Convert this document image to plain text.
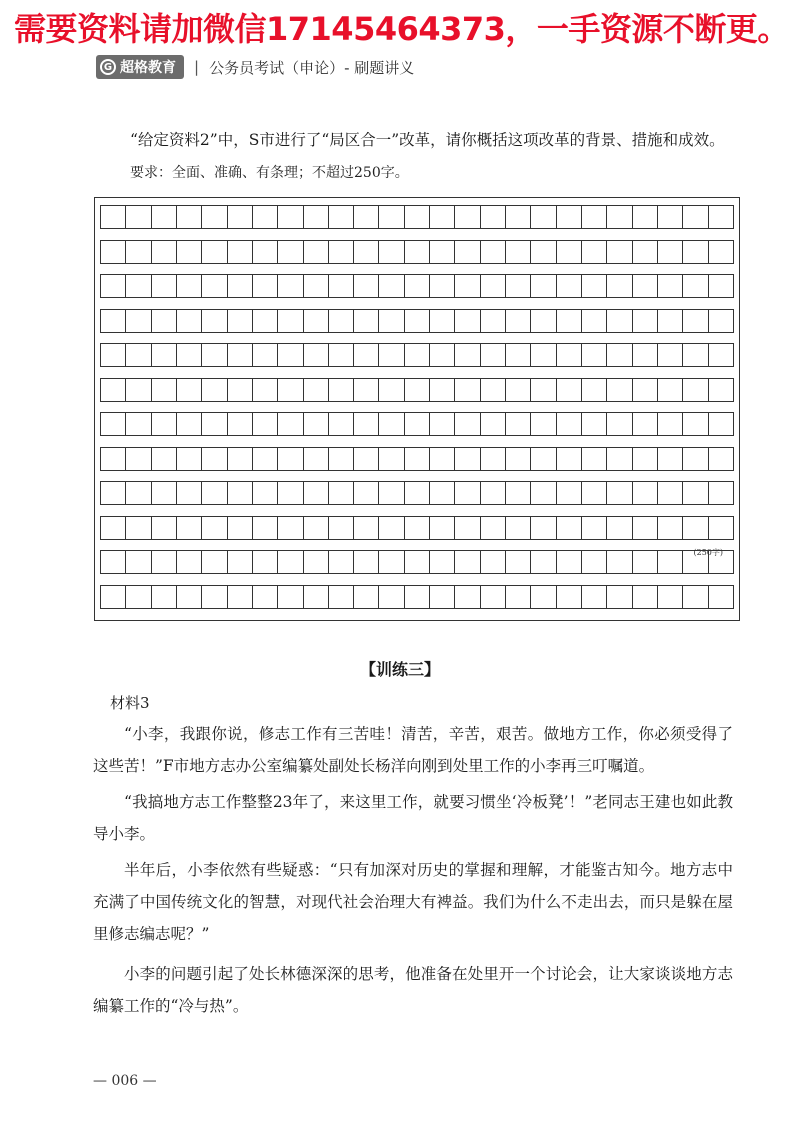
需要资料请加微信17145464373，一手资源不断更。
G 超格教育 | 公务员考试（申论）- 刷题讲义
“给定资料2”中，S市进行了“局区合一”改革，请你概括这项改革的背景、措施和成效。
要求：全面、准确、有条理；不超过250字。
(250字)
【训练三】
材料3
“小李，我跟你说，修志工作有三苦哇！清苦，辛苦，艰苦。做地方工作，你必须受得了这些苦！”F市地方志办公室编纂处副处长杨洋向刚到处里工作的小李再三叮嘱道。
“我搞地方志工作整整23年了，来这里工作，就要习惯坐‘冷板凳’！”老同志王建也如此教导小李。
半年后，小李依然有些疑惑：“只有加深对历史的掌握和理解，才能鉴古知今。地方志中充满了中国传统文化的智慧，对现代社会治理大有裨益。我们为什么不走出去，而只是躲在屋里修志编志呢？”
小李的问题引起了处长林德深深的思考，他准备在处里开一个讨论会，让大家谈谈地方志编纂工作的“冷与热”。
— 006 —
